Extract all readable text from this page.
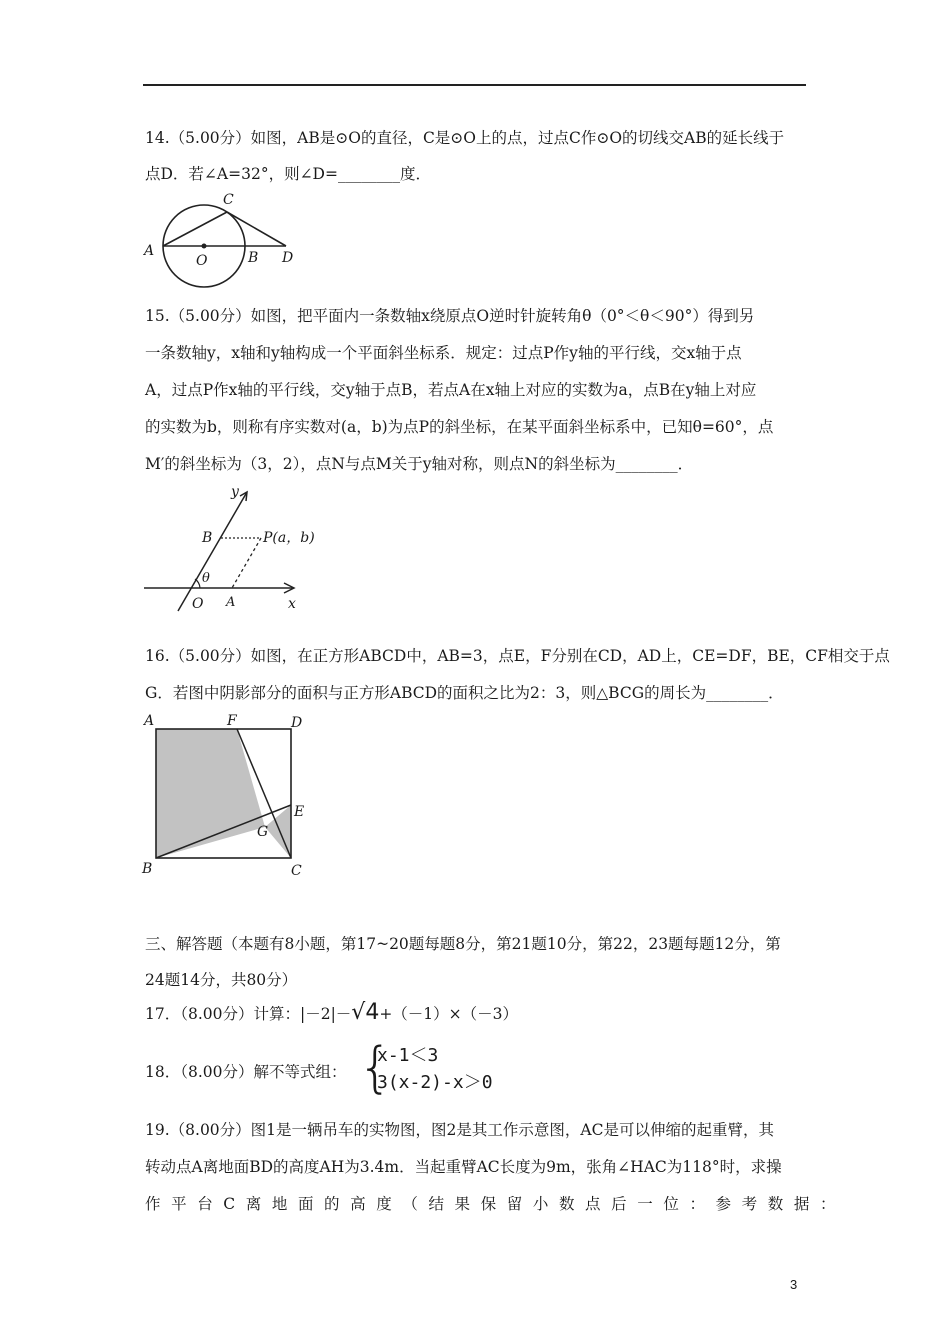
14.（5.00分）如图，AB是⊙O的直径，C是⊙O上的点，过点C作⊙O的切线交AB的延长线于
点D．若∠A=32°，则∠D=________度．
A
O	B D
C
15.（5.00分）如图，把平面内一条数轴x绕原点O逆时针旋转角θ（0°＜θ＜90°）得到另
一条数轴y，x轴和y轴构成一个平面斜坐标系．规定：过点P作y轴的平行线，交x轴于点
A，过点P作x轴的平行线，交y轴于点B，若点A在x轴上对应的实数为a，点B在y轴上对应
的实数为b，则称有序实数对(a，b)为点P的斜坐标，在某平面斜坐标系中，已知θ=60°，点
M′的斜坐标为（3，2），点N与点M关于y轴对称，则点N的斜坐标为________．
y
x
B	P(a，b)
θ
O A
16.（5.00分）如图，在正方形ABCD中，AB=3，点E，F分别在CD，AD上，CE=DF，BE，CF相交于点
G．若图中阴影部分的面积与正方形ABCD的面积之比为2：3，则△BCG的周长为________．
A	F	D
E
G
B	C
三、解答题（本题有8小题，第17~20题每题8分，第21题10分，第22，23题每题12分，第
24题14分，共80分）
17．（8.00分）计算：|－2|－√4+（－1）×（－3）
18．（8.00分）解不等式组： {
x-1＜3
3(x-2)-x＞0
19.（8.00分）图1是一辆吊车的实物图，图2是其工作示意图，AC是可以伸缩的起重臂，其
转动点A离地面BD的高度AH为3.4m．当起重臂AC长度为9m，张角∠HAC为118°时，求操
作平台C离地面的高度（结果保留小数点后一位：参考数据：
3
